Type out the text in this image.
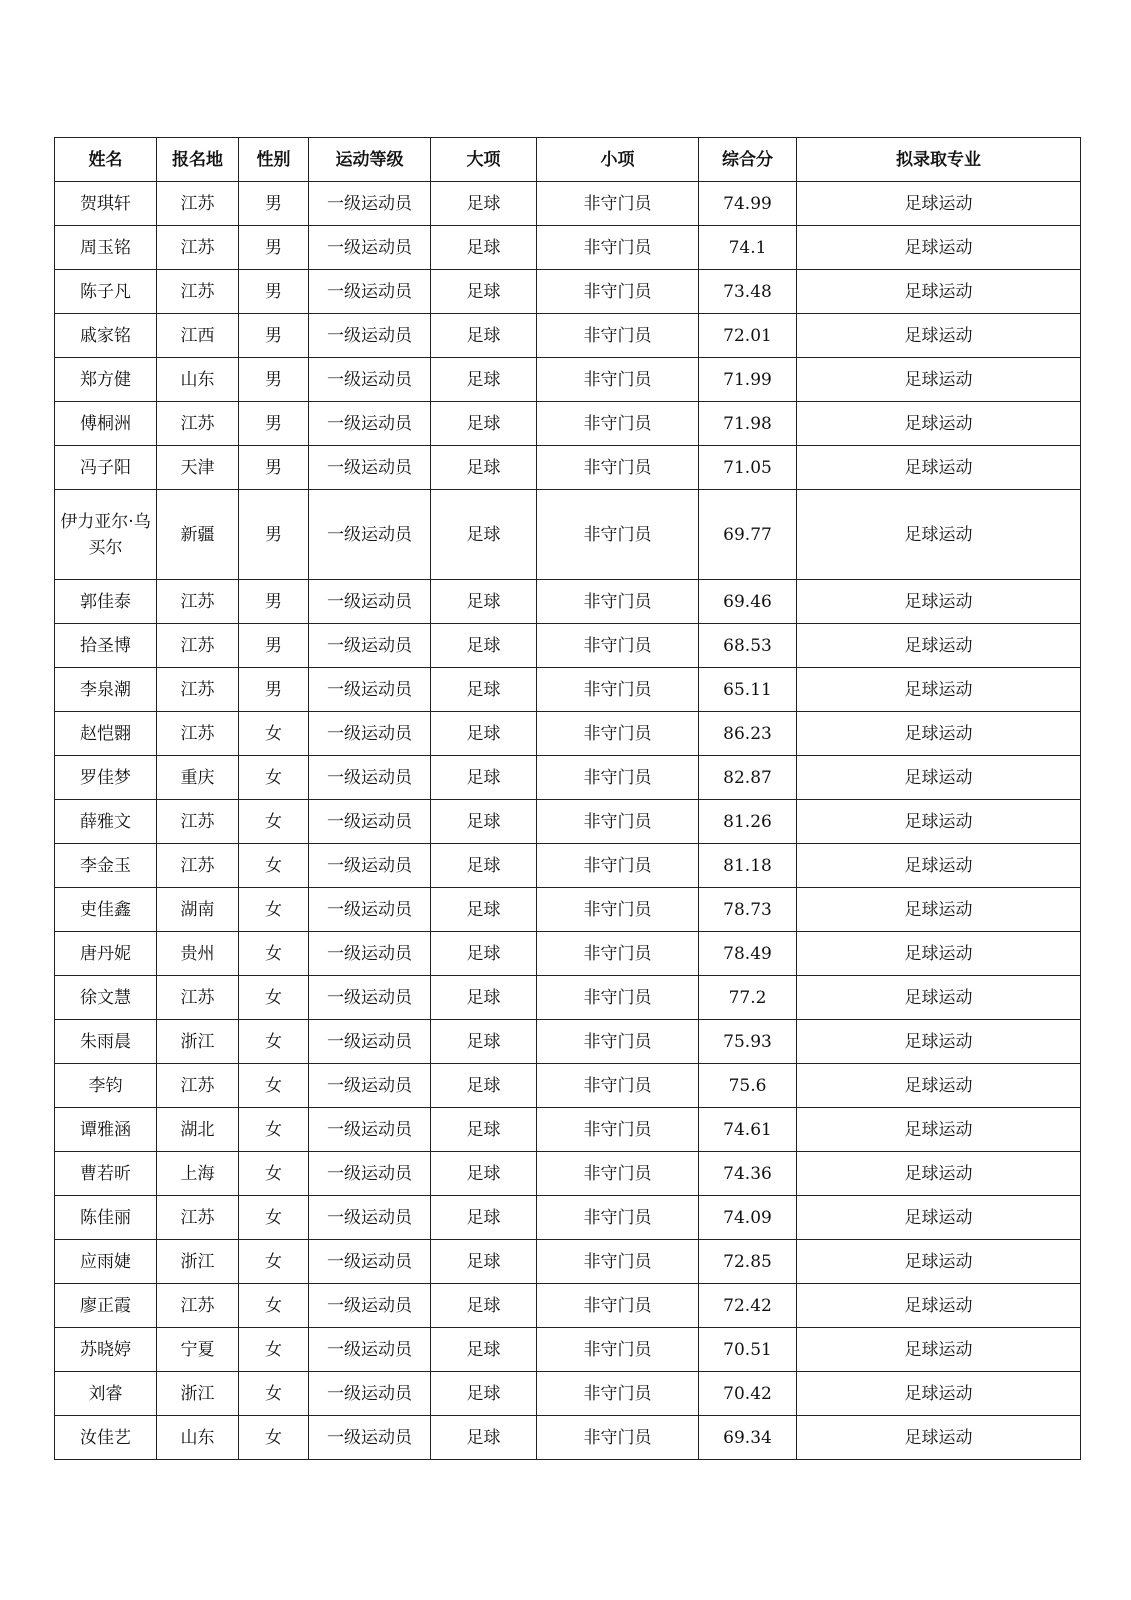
姓名	报名地	性别	运动等级	大项	小项	综合分	拟录取专业
贺琪轩	江苏	男	一级运动员	足球	非守门员	74.99	足球运动
周玉铭	江苏	男	一级运动员	足球	非守门员	74.1	足球运动
陈子凡	江苏	男	一级运动员	足球	非守门员	73.48	足球运动
戚家铭	江西	男	一级运动员	足球	非守门员	72.01	足球运动
郑方健	山东	男	一级运动员	足球	非守门员	71.99	足球运动
傅桐洲	江苏	男	一级运动员	足球	非守门员	71.98	足球运动
冯子阳	天津	男	一级运动员	足球	非守门员	71.05	足球运动
伊力亚尔·乌买尔	新疆	男	一级运动员	足球	非守门员	69.77	足球运动
郭佳泰	江苏	男	一级运动员	足球	非守门员	69.46	足球运动
拾圣博	江苏	男	一级运动员	足球	非守门员	68.53	足球运动
李泉潮	江苏	男	一级运动员	足球	非守门员	65.11	足球运动
赵恺翾	江苏	女	一级运动员	足球	非守门员	86.23	足球运动
罗佳梦	重庆	女	一级运动员	足球	非守门员	82.87	足球运动
薛雅文	江苏	女	一级运动员	足球	非守门员	81.26	足球运动
李金玉	江苏	女	一级运动员	足球	非守门员	81.18	足球运动
吏佳鑫	湖南	女	一级运动员	足球	非守门员	78.73	足球运动
唐丹妮	贵州	女	一级运动员	足球	非守门员	78.49	足球运动
徐文慧	江苏	女	一级运动员	足球	非守门员	77.2	足球运动
朱雨晨	浙江	女	一级运动员	足球	非守门员	75.93	足球运动
李钧	江苏	女	一级运动员	足球	非守门员	75.6	足球运动
谭雅涵	湖北	女	一级运动员	足球	非守门员	74.61	足球运动
曹若昕	上海	女	一级运动员	足球	非守门员	74.36	足球运动
陈佳丽	江苏	女	一级运动员	足球	非守门员	74.09	足球运动
应雨婕	浙江	女	一级运动员	足球	非守门员	72.85	足球运动
廖正霞	江苏	女	一级运动员	足球	非守门员	72.42	足球运动
苏晓婷	宁夏	女	一级运动员	足球	非守门员	70.51	足球运动
刘睿	浙江	女	一级运动员	足球	非守门员	70.42	足球运动
汝佳艺	山东	女	一级运动员	足球	非守门员	69.34	足球运动
